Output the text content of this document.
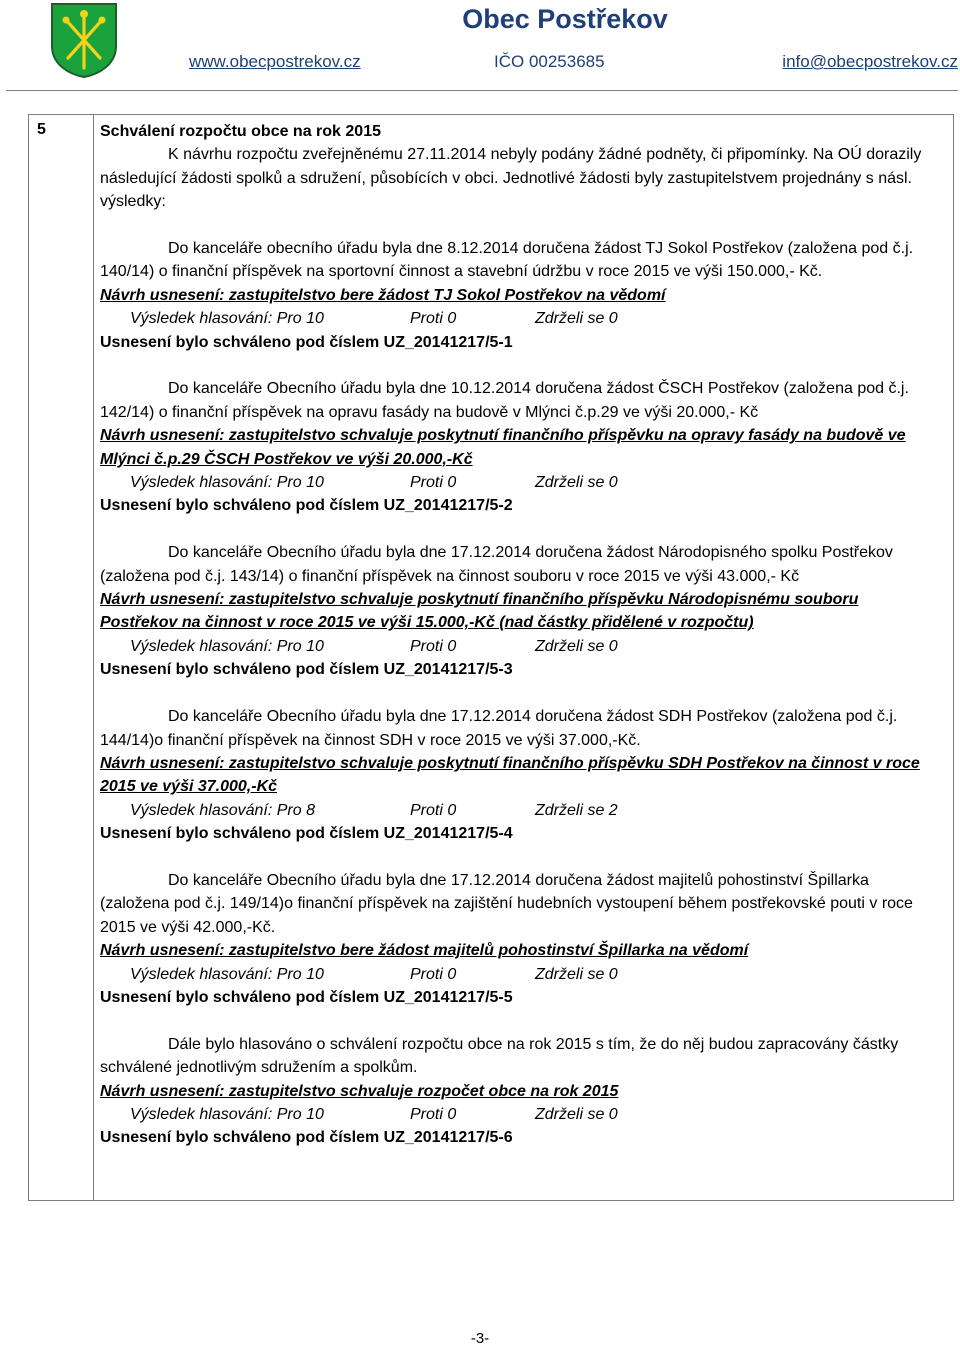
Obec Postřekov
www.obecpostrekov.cz	IČO 00253685	info@obecpostrekov.cz
5	Schválení rozpočtu obce na rok 2015

K návrhu rozpočtu zveřejněnému 27.11.2014 nebyly podány žádné podněty, či připomínky. Na OÚ dorazily následující žádosti spolků a sdružení, působících v obci. Jednotlivé žádosti byly zastupitelstvem projednány s násl. výsledky:

Do kanceláře obecního úřadu byla dne 8.12.2014 doručena žádost TJ Sokol Postřekov (založena pod č.j. 140/14) o finanční příspěvek na sportovní činnost a stavební údržbu v roce 2015 ve výši 150.000,- Kč.

Návrh usnesení: zastupitelstvo bere žádost TJ Sokol Postřekov na vědomí

Výsledek hlasování: Pro 10	Proti 0	Zdrželi se 0

Usnesení bylo schváleno pod číslem UZ_20141217/5-1

Do kanceláře Obecního úřadu byla dne 10.12.2014 doručena žádost ČSCH Postřekov (založena pod č.j. 142/14) o finanční příspěvek na opravu fasády na budově v Mlýnci č.p.29 ve výši 20.000,- Kč

Návrh usnesení: zastupitelstvo schvaluje poskytnutí finančního příspěvku na opravy fasády na budově ve Mlýnci č.p.29 ČSCH Postřekov ve výši 20.000,-Kč

Výsledek hlasování: Pro 10	Proti 0	Zdrželi se 0

Usnesení bylo schváleno pod číslem UZ_20141217/5-2

Do kanceláře Obecního úřadu byla dne 17.12.2014 doručena žádost Národopisného spolku Postřekov (založena pod č.j. 143/14) o finanční příspěvek na činnost souboru v roce 2015 ve výši 43.000,- Kč

Návrh usnesení: zastupitelstvo schvaluje poskytnutí finančního příspěvku Národopisnému souboru Postřekov na činnost v roce 2015 ve výši 15.000,-Kč (nad částky přidělené v rozpočtu)

Výsledek hlasování: Pro 10	Proti 0	Zdrželi se 0

Usnesení bylo schváleno pod číslem UZ_20141217/5-3

Do kanceláře Obecního úřadu byla dne 17.12.2014 doručena žádost SDH Postřekov (založena pod č.j. 144/14)o finanční příspěvek na činnost SDH v roce 2015 ve výši 37.000,-Kč.

Návrh usnesení: zastupitelstvo schvaluje poskytnutí finančního příspěvku SDH Postřekov na činnost v roce 2015 ve výši 37.000,-Kč

Výsledek hlasování: Pro 8	Proti 0	Zdrželi se 2

Usnesení bylo schváleno pod číslem UZ_20141217/5-4

Do kanceláře Obecního úřadu byla dne 17.12.2014 doručena žádost majitelů pohostinství Špillarka (založena pod č.j. 149/14)o finanční příspěvek na zajištění hudebních vystoupení během postřekovské pouti v roce 2015 ve výši 42.000,-Kč.

Návrh usnesení: zastupitelstvo bere žádost majitelů pohostinství Špillarka na vědomí

Výsledek hlasování: Pro 10	Proti 0	Zdrželi se 0

Usnesení bylo schváleno pod číslem UZ_20141217/5-5

Dále bylo hlasováno o schválení rozpočtu obce na rok 2015 s tím, že do něj budou zapracovány částky schválené jednotlivým sdružením a spolkům.

Návrh usnesení: zastupitelstvo schvaluje rozpočet obce na rok 2015

Výsledek hlasování: Pro 10	Proti 0	Zdrželi se 0

Usnesení bylo schváleno pod číslem UZ_20141217/5-6

-3-
